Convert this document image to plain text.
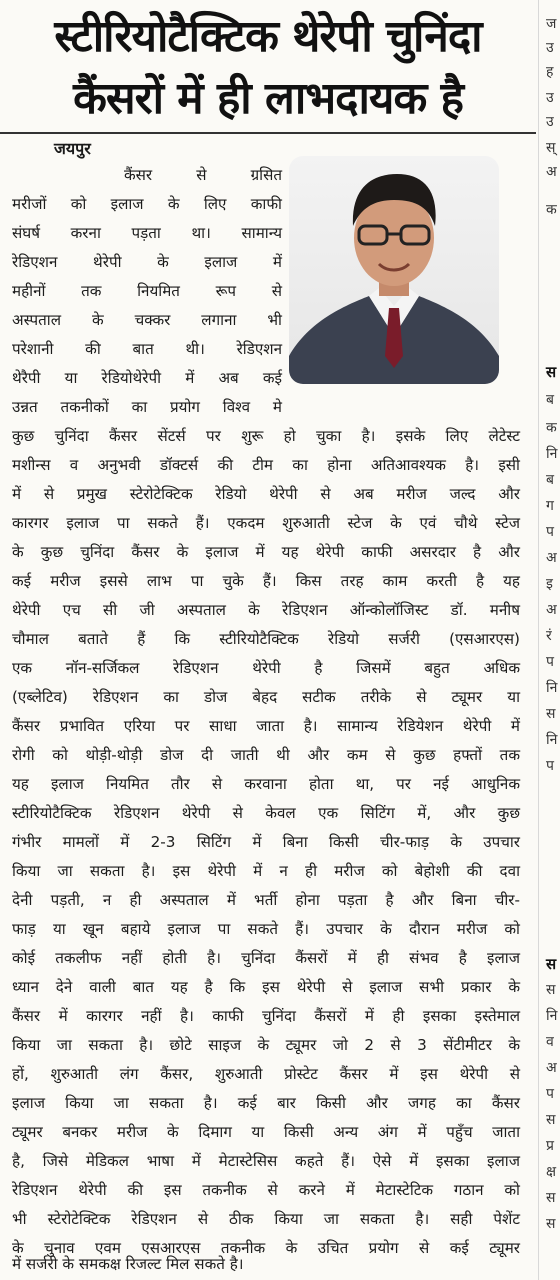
स्टीरियोटैक्टिक थेरेपी चुनिंदा
कैंसरों में ही लाभदायक है
जयपुर
कैंसर से ग्रसित
मरीजों को इलाज के लिए काफी
संघर्ष करना पड़ता था। सामान्य
रेडिएशन थेरेपी के इलाज में
महीनों तक नियमित रूप से
अस्पताल के चक्कर लगाना भी
परेशानी की बात थी। रेडिएशन
थेरैपी या रेडियोथेरेपी में अब कई
उन्नत तकनीकों का प्रयोग विश्व मे
कुछ चुनिंदा कैंसर सेंटर्स पर शुरू हो चुका है। इसके लिए लेटेस्ट
मशीन्स व अनुभवी डॉक्टर्स की टीम का होना अतिआवश्यक है। इसी
में से प्रमुख स्टेरोटेक्टिक रेडियो थेरेपी से अब मरीज जल्द और
कारगर इलाज पा सकते हैं। एकदम शुरुआती स्टेज के एवं चौथे स्टेज
के कुछ चुनिंदा कैंसर के इलाज में यह थेरेपी काफी असरदार है और
कई मरीज इससे लाभ पा चुके हैं। किस तरह काम करती है यह
थेरेपी एच सी जी अस्पताल के रेडिएशन ऑन्कोलॉजिस्ट डॉ. मनीष
चौमाल बताते हैं कि स्टीरियोटैक्टिक रेडियो सर्जरी (एसआरएस)
एक नॉन-सर्जिकल रेडिएशन थेरेपी है जिसमें बहुत अधिक
(एब्लेटिव) रेडिएशन का डोज बेहद सटीक तरीके से ट्यूमर या
कैंसर प्रभावित एरिया पर साधा जाता है। सामान्य रेडियेशन थेरेपी में
रोगी को थोड़ी-थोड़ी डोज दी जाती थी और कम से कुछ हफ्तों तक
यह इलाज नियमित तौर से करवाना होता था, पर नई आधुनिक
स्टीरियोटैक्टिक रेडिएशन थेरेपी से केवल एक सिटिंग में, और कुछ
गंभीर मामलों में 2-3 सिटिंग में बिना किसी चीर-फाड़ के उपचार
किया जा सकता है। इस थेरेपी में न ही मरीज को बेहोशी की दवा
देनी पड़ती, न ही अस्पताल में भर्ती होना पड़ता है और बिना चीर-
फाड़ या खून बहाये इलाज पा सकते हैं। उपचार के दौरान मरीज को
कोई तकलीफ नहीं होती है। चुनिंदा कैंसरों में ही संभव है इलाज
ध्यान देने वाली बात यह है कि इस थेरेपी से इलाज सभी प्रकार के
कैंसर में कारगर नहीं है। काफी चुनिंदा कैंसरों में ही इसका इस्तेमाल
किया जा सकता है। छोटे साइज के ट्यूमर जो 2 से 3 सेंटीमीटर के
हों, शुरुआती लंग कैंसर, शुरुआती प्रोस्टेट कैंसर में इस थेरेपी से
इलाज किया जा सकता है। कई बार किसी और जगह का कैंसर
ट्यूमर बनकर मरीज के दिमाग या किसी अन्य अंग में पहुँच जाता
है, जिसे मेडिकल भाषा में मेटास्टेसिस कहते हैं। ऐसे में इसका इलाज
रेडिएशन थेरेपी की इस तकनीक से करने में मेटास्टेटिक गठान को
भी स्टेरोटेक्टिक रेडिएशन से ठीक किया जा सकता है। सही पेशेंट
के चुनाव एवम एसआरएस तकनीक के उचित प्रयोग से कई ट्यूमर
में सर्जरी के समकक्ष रिजल्ट मिल सकते है।
ज
उ
ह
उ
उ
स्
अ
क
स
ब
क
नि
ब
ग
प
अ
इ
अ
रं
प
नि
स
नि
प
स
स
नि
व
अ
प
स
प्र
क्ष
स
स
